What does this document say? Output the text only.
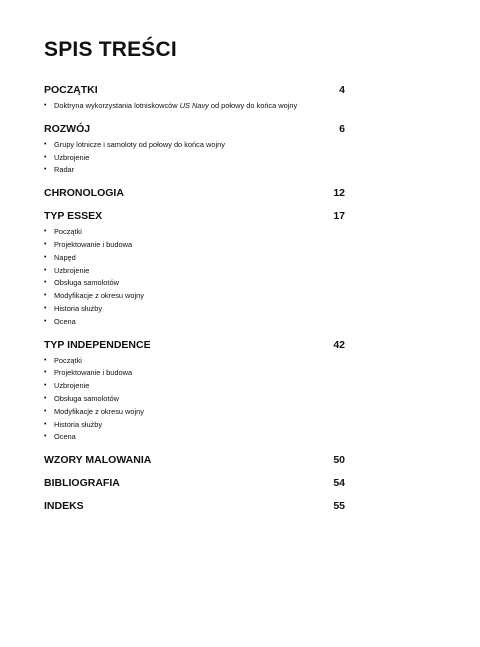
SPIS TREŚCI
POCZĄTKI	4
•	Doktryna wykorzystania lotniskowców US Navy od połowy do końca wojny
ROZWÓJ	6
•	Grupy lotnicze i samoloty od połowy do końca wojny
•	Uzbrojenie
•	Radar
CHRONOLOGIA	12
TYP ESSEX	17
•	Początki
•	Projektowanie i budowa
•	Napęd
•	Uzbrojenie
•	Obsługa samolotów
•	Modyfikacje z okresu wojny
•	Historia służby
•	Ocena
TYP INDEPENDENCE	42
•	Początki
•	Projektowanie i budowa
•	Uzbrojenie
•	Obsługa samolotów
•	Modyfikacje z okresu wojny
•	Historia służby
•	Ocena
WZORY MALOWANIA	50
BIBLIOGRAFIA	54
INDEKS	55
